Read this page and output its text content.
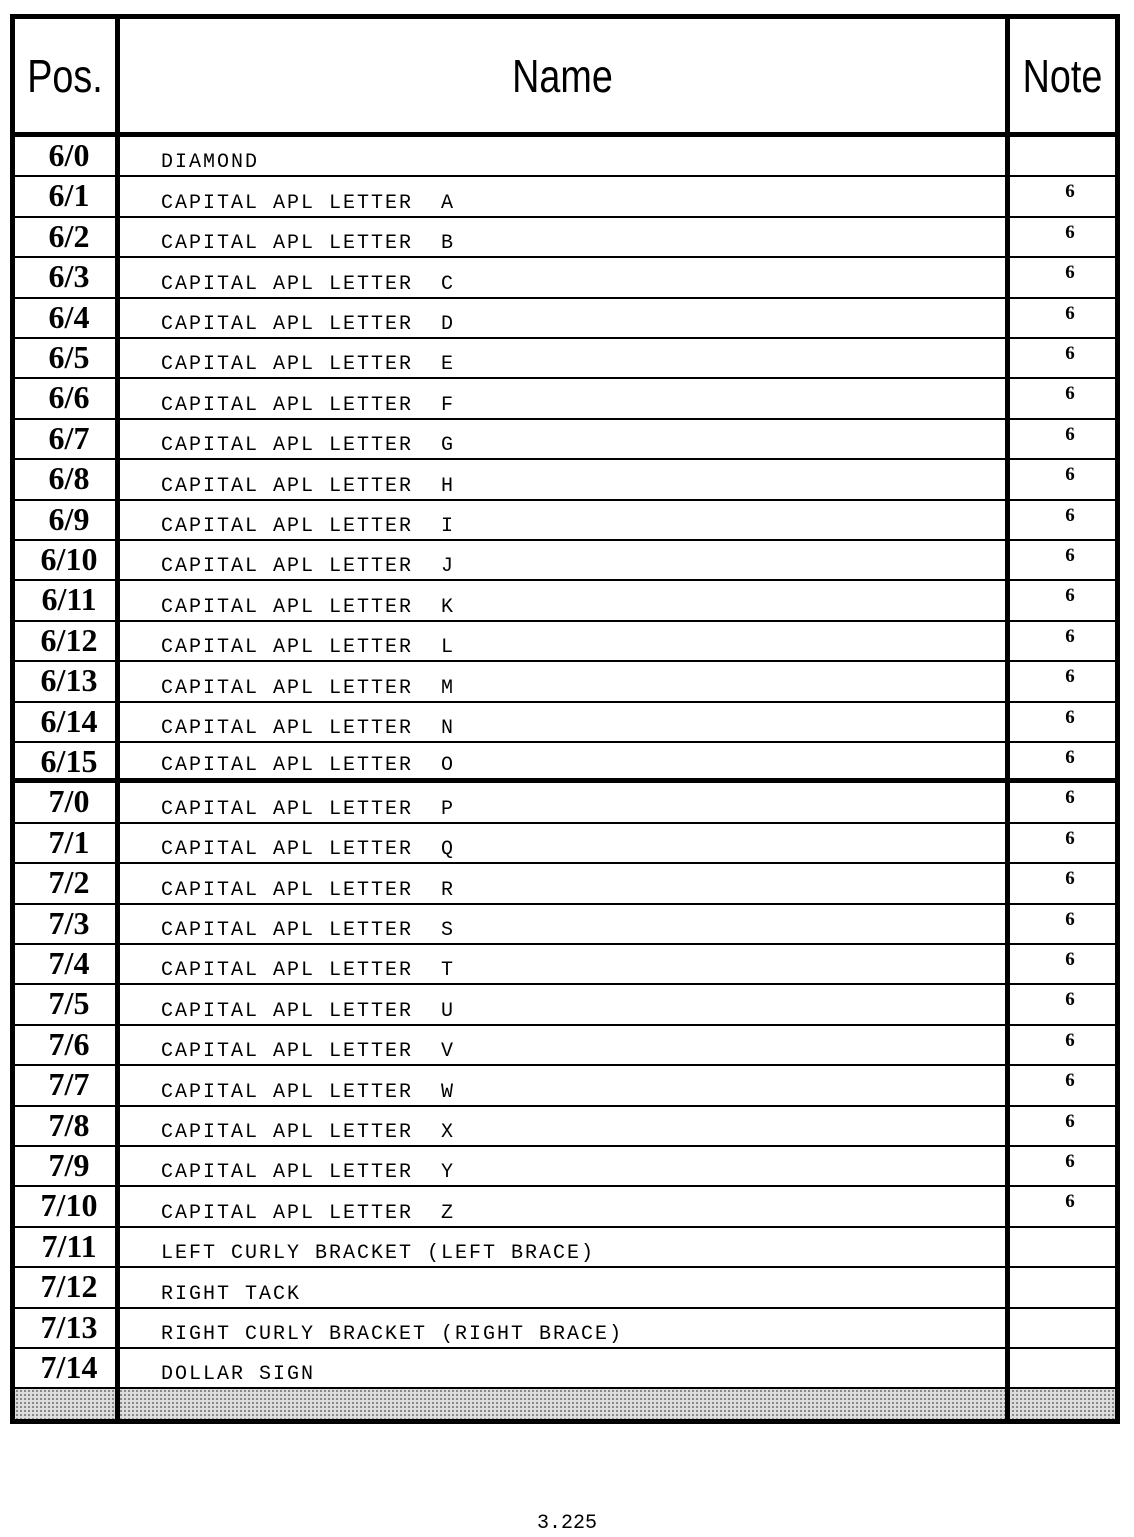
Pos.	Name	Note
6/0	DIAMOND
6/1	CAPITAL APL LETTER  A	6
6/2	CAPITAL APL LETTER  B	6
6/3	CAPITAL APL LETTER  C	6
6/4	CAPITAL APL LETTER  D	6
6/5	CAPITAL APL LETTER  E	6
6/6	CAPITAL APL LETTER  F	6
6/7	CAPITAL APL LETTER  G	6
6/8	CAPITAL APL LETTER  H	6
6/9	CAPITAL APL LETTER  I	6
6/10	CAPITAL APL LETTER  J	6
6/11	CAPITAL APL LETTER  K	6
6/12	CAPITAL APL LETTER  L	6
6/13	CAPITAL APL LETTER  M	6
6/14	CAPITAL APL LETTER  N	6
6/15	CAPITAL APL LETTER  O	6
7/0	CAPITAL APL LETTER  P	6
7/1	CAPITAL APL LETTER  Q	6
7/2	CAPITAL APL LETTER  R	6
7/3	CAPITAL APL LETTER  S	6
7/4	CAPITAL APL LETTER  T	6
7/5	CAPITAL APL LETTER  U	6
7/6	CAPITAL APL LETTER  V	6
7/7	CAPITAL APL LETTER  W	6
7/8	CAPITAL APL LETTER  X	6
7/9	CAPITAL APL LETTER  Y	6
7/10	CAPITAL APL LETTER  Z	6
7/11	LEFT CURLY BRACKET (LEFT BRACE)
7/12	RIGHT TACK
7/13	RIGHT CURLY BRACKET (RIGHT BRACE)
7/14	DOLLAR SIGN
3.225
